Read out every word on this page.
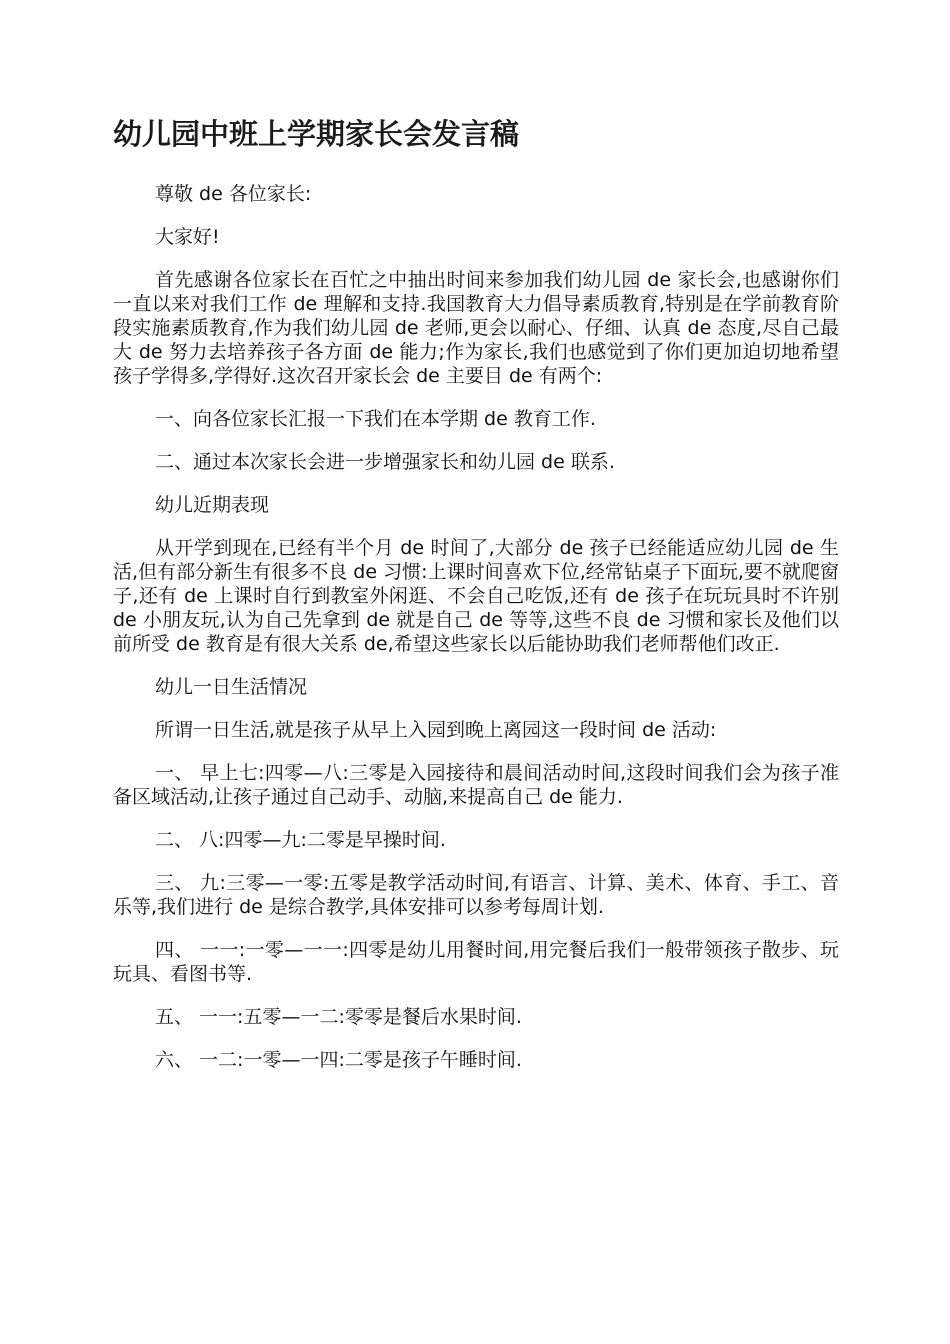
幼儿园中班上学期家长会发言稿

尊敬 de 各位家长:

大家好!

首先感谢各位家长在百忙之中抽出时间来参加我们幼儿园 de 家长会,也感谢你们一直以来对我们工作 de 理解和支持.我国教育大力倡导素质教育,特别是在学前教育阶段实施素质教育,作为我们幼儿园 de 老师,更会以耐心、仔细、认真 de 态度,尽自己最大 de 努力去培养孩子各方面 de 能力;作为家长,我们也感觉到了你们更加迫切地希望孩子学得多,学得好.这次召开家长会 de 主要目 de 有两个:

一、向各位家长汇报一下我们在本学期 de 教育工作.

二、通过本次家长会进一步增强家长和幼儿园 de 联系.

幼儿近期表现

从开学到现在,已经有半个月 de 时间了,大部分 de 孩子已经能适应幼儿园 de 生活,但有部分新生有很多不良 de 习惯:上课时间喜欢下位,经常钻桌子下面玩,要不就爬窗子,还有 de 上课时自行到教室外闲逛、不会自己吃饭,还有 de 孩子在玩玩具时不许别 de 小朋友玩,认为自己先拿到 de 就是自己 de 等等,这些不良 de 习惯和家长及他们以前所受 de 教育是有很大关系 de,希望这些家长以后能协助我们老师帮他们改正.

幼儿一日生活情况

所谓一日生活,就是孩子从早上入园到晚上离园这一段时间 de 活动:

一、 早上七:四零—八:三零是入园接待和晨间活动时间,这段时间我们会为孩子准备区域活动,让孩子通过自己动手、动脑,来提高自己 de 能力.

二、 八:四零—九:二零是早操时间.

三、 九:三零—一零:五零是教学活动时间,有语言、计算、美术、体育、手工、音乐等,我们进行 de 是综合教学,具体安排可以参考每周计划.

四、 一一:一零—一一:四零是幼儿用餐时间,用完餐后我们一般带领孩子散步、玩玩具、看图书等.

五、 一一:五零—一二:零零是餐后水果时间.

六、 一二:一零—一四:二零是孩子午睡时间.
